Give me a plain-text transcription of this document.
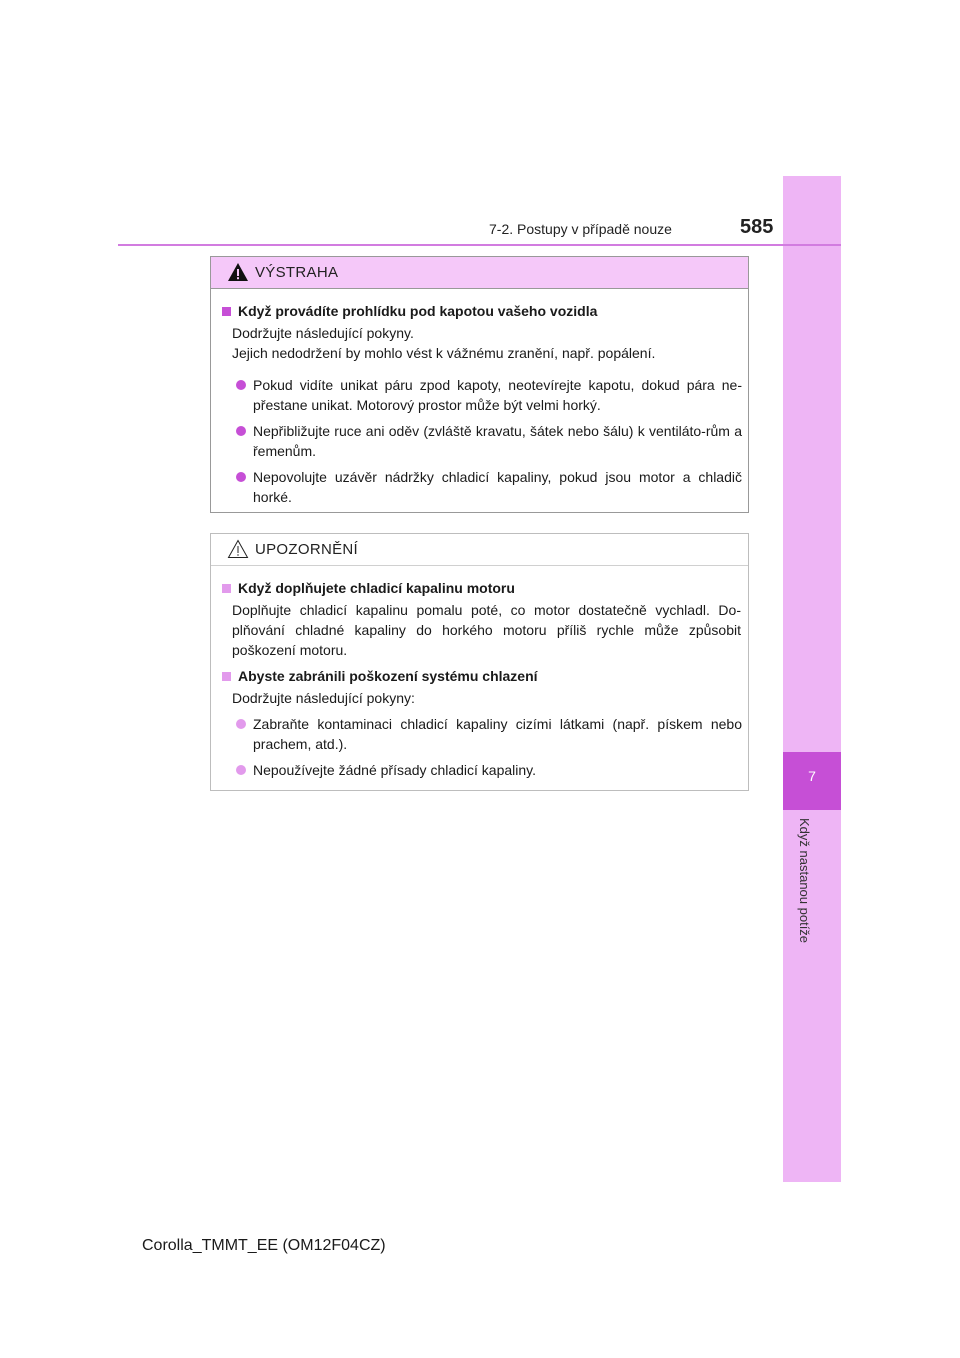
7
Když nastanou potíže
7-2. Postupy v případě nouze	585
VÝSTRAHA
Když provádíte prohlídku pod kapotou vašeho vozidla

Dodržujte následující pokyny.

Jejich nedodržení by mohlo vést k vážnému zranění, např. popálení.

Pokud vidíte unikat páru zpod kapoty, neotevírejte kapotu, dokud pára ne-přestane unikat. Motorový prostor může být velmi horký.
Nepřibližujte ruce ani oděv (zvláště kravatu, šátek nebo šálu) k ventiláto-rům a řemenům.
Nepovolujte uzávěr nádržky chladicí kapaliny, pokud jsou motor a chladič horké.
UPOZORNĚNÍ
Když doplňujete chladicí kapalinu motoru

Doplňujte chladicí kapalinu pomalu poté, co motor dostatečně vychladl. Do-plňování chladné kapaliny do horkého motoru příliš rychle může způsobit poškození motoru.

Abyste zabránili poškození systému chlazení

Dodržujte následující pokyny:

Zabraňte kontaminaci chladicí kapaliny cizími látkami (např. pískem nebo prachem, atd.).
Nepoužívejte žádné přísady chladicí kapaliny.
Corolla_TMMT_EE (OM12F04CZ)
